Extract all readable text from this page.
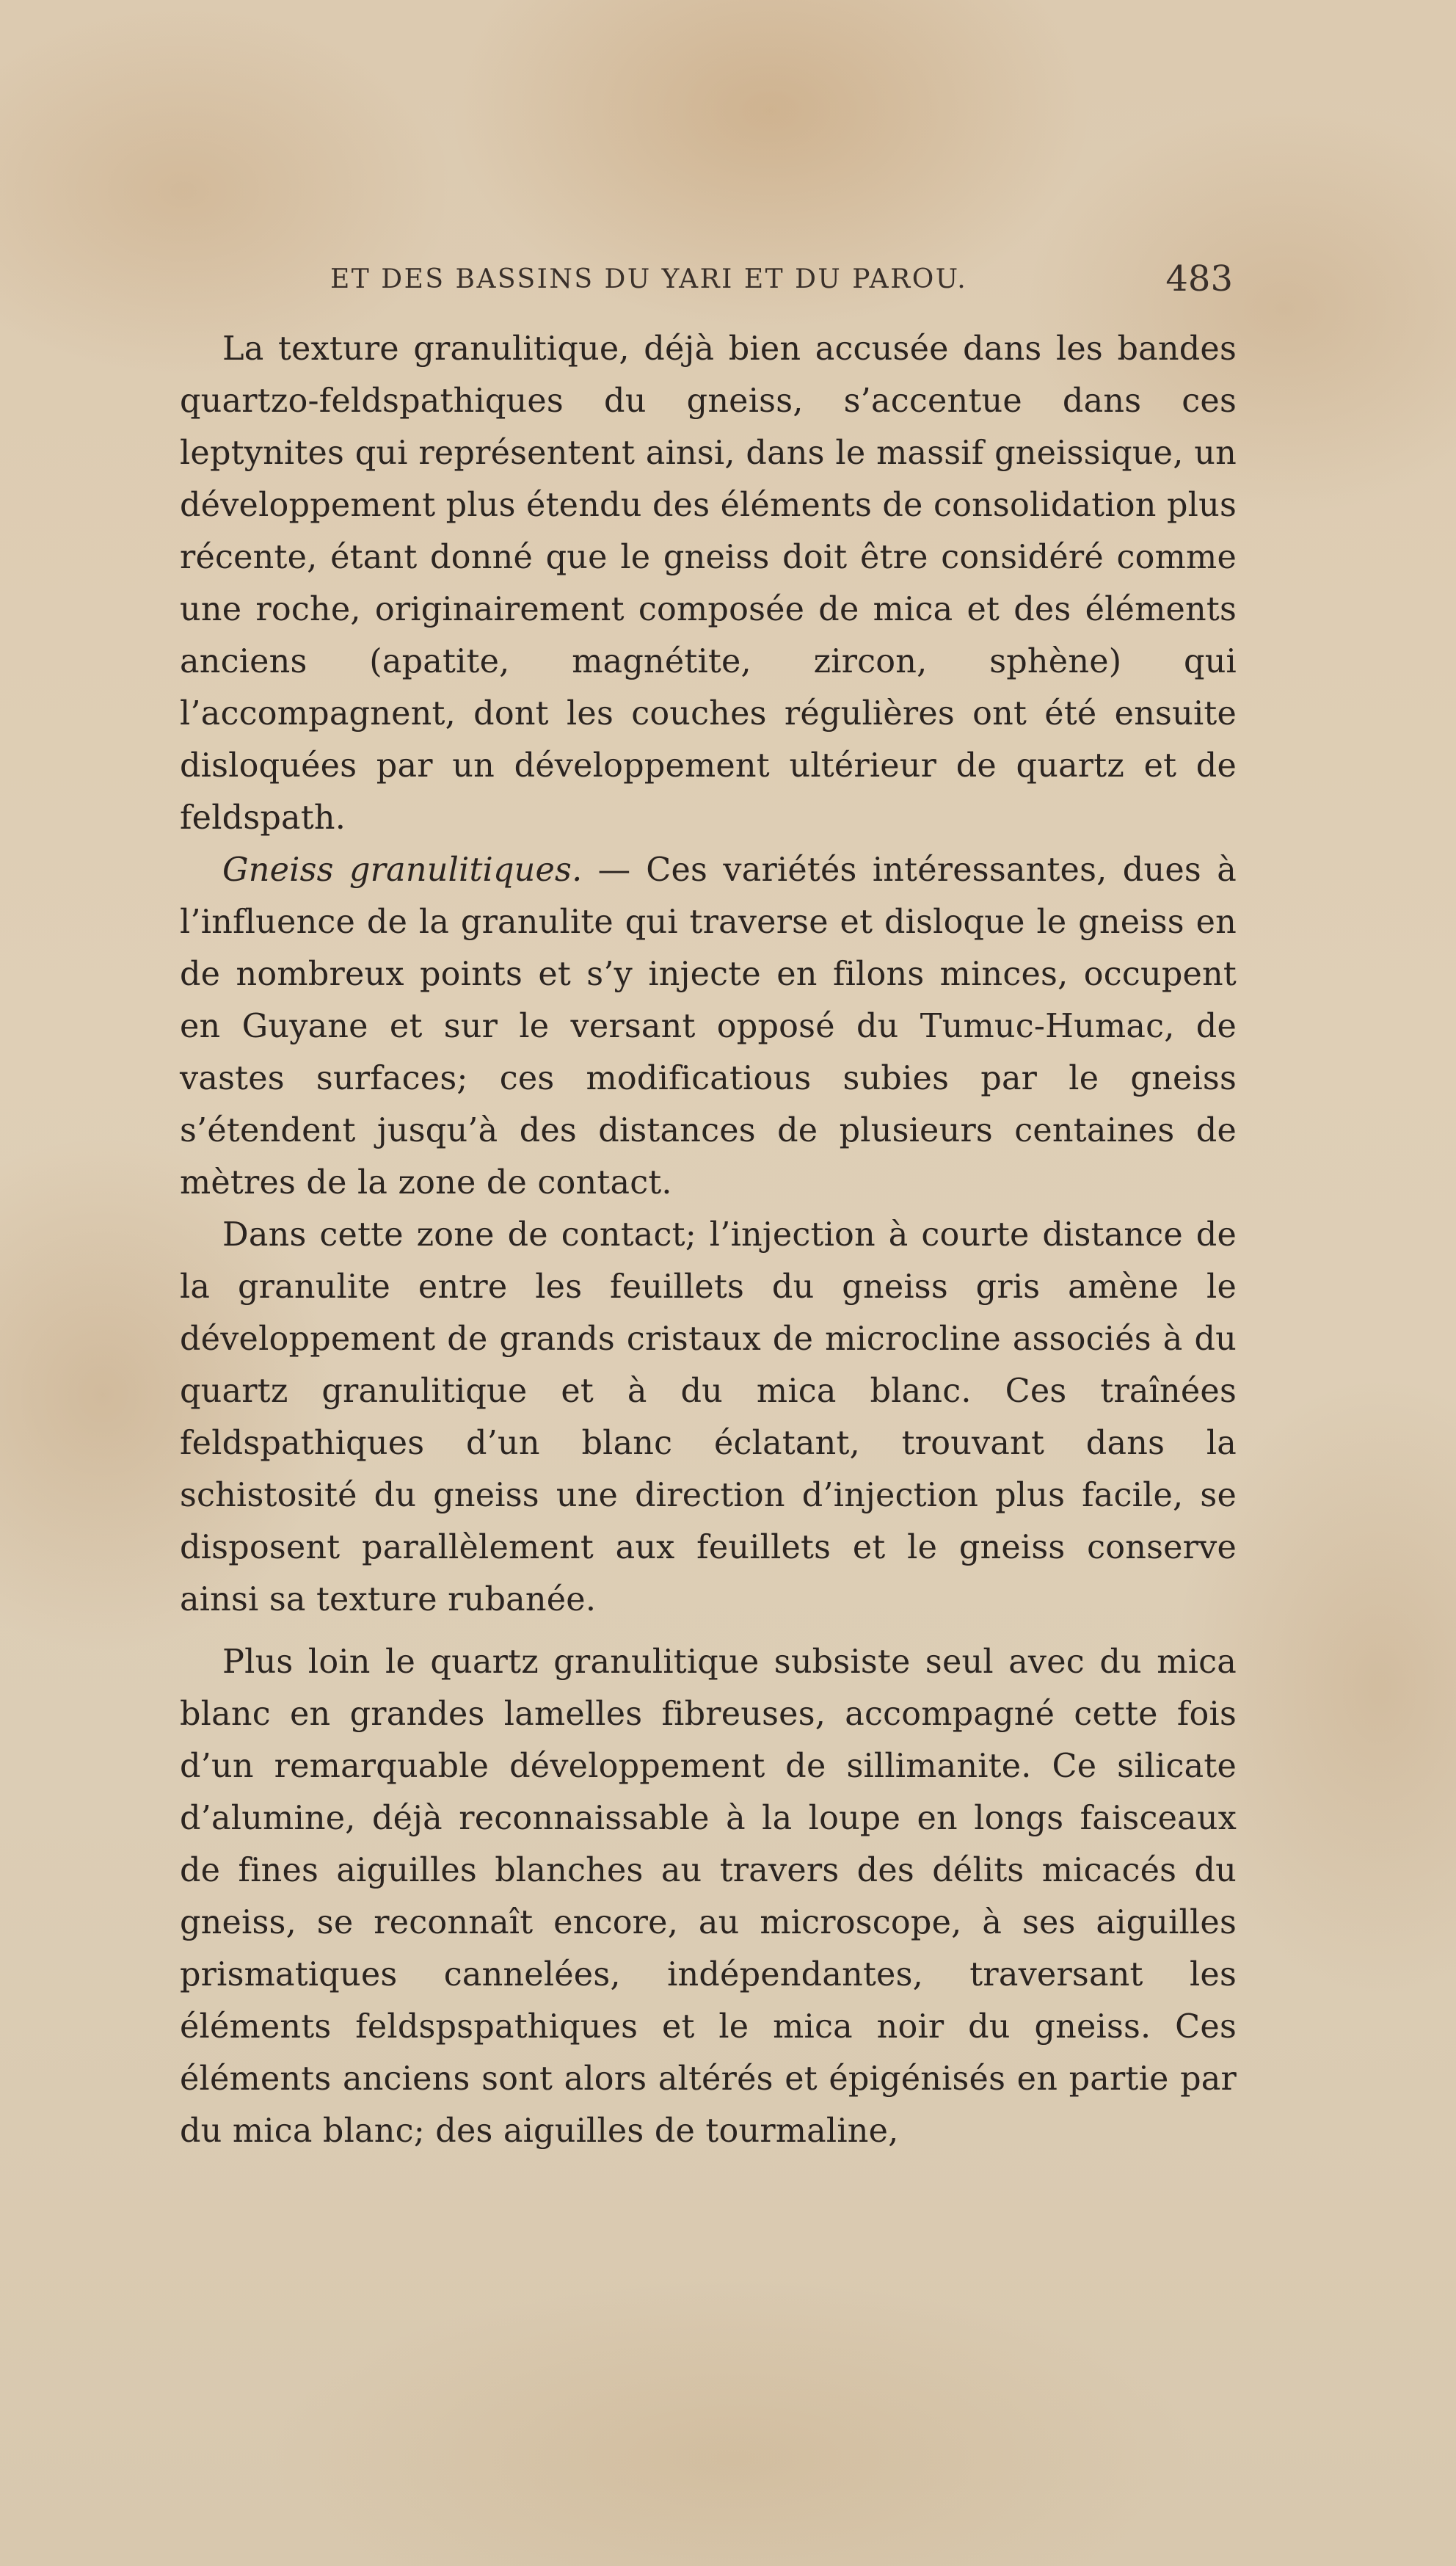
ET DES BASSINS DU YARI ET DU PAROU.	483

La texture granulitique, déjà bien accusée dans les bandes quartzo-feldspathiques du gneiss, s’accentue dans ces leptynites qui représentent ainsi, dans le massif gneissique, un développement plus étendu des éléments de consolidation plus récente, étant donné que le gneiss doit être considéré comme une roche, originairement composée de mica et des éléments anciens (apatite, magnétite, zircon, sphène) qui l’accompagnent, dont les couches régulières ont été ensuite disloquées par un développement ultérieur de quartz et de feldspath.

Gneiss granulitiques. — Ces variétés intéressantes, dues à l’influence de la granulite qui traverse et disloque le gneiss en de nombreux points et s’y injecte en filons minces, occupent en Guyane et sur le versant opposé du Tumuc-Humac, de vastes surfaces; ces modificatious subies par le gneiss s’étendent jusqu’à des distances de plusieurs centaines de mètres de la zone de contact.

Dans cette zone de contact; l’injection à courte distance de la granulite entre les feuillets du gneiss gris amène le développement de grands cristaux de microcline associés à du quartz granulitique et à du mica blanc. Ces traînées feldspathiques d’un blanc éclatant, trouvant dans la schistosité du gneiss une direction d’injection plus facile, se disposent parallèlement aux feuillets et le gneiss conserve ainsi sa texture rubanée.

Plus loin le quartz granulitique subsiste seul avec du mica blanc en grandes lamelles fibreuses, accompagné cette fois d’un remarquable développement de sillimanite. Ce silicate d’alumine, déjà reconnaissable à la loupe en longs faisceaux de fines aiguilles blanches au travers des délits micacés du gneiss, se reconnaît encore, au microscope, à ses aiguilles prismatiques cannelées, indépendantes, traversant les éléments feldspspathiques et le mica noir du gneiss. Ces éléments anciens sont alors altérés et épigénisés en partie par du mica blanc; des aiguilles de tourmaline,
